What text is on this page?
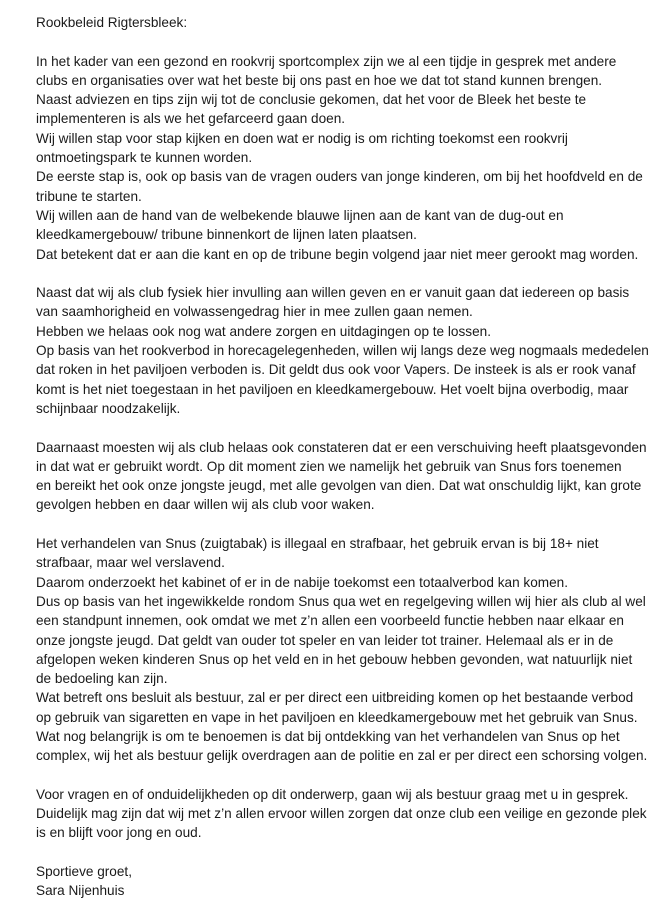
Rookbeleid Rigtersbleek:
In het kader van een gezond en rookvrij sportcomplex zijn we al een tijdje in gesprek met andere
clubs en organisaties over wat het beste bij ons past en hoe we dat tot stand kunnen brengen.
Naast adviezen en tips zijn wij tot de conclusie gekomen, dat het voor de Bleek het beste te
implementeren is als we het gefarceerd gaan doen.
Wij willen stap voor stap kijken en doen wat er nodig is om richting toekomst een rookvrij
ontmoetingspark te kunnen worden.
De eerste stap is, ook op basis van de vragen ouders van jonge kinderen, om bij het hoofdveld en de
tribune te starten.
Wij willen aan de hand van de welbekende blauwe lijnen aan de kant van de dug-out en
kleedkamergebouw/ tribune binnenkort de lijnen laten plaatsen.
Dat betekent dat er aan die kant en op de tribune begin volgend jaar niet meer gerookt mag worden.
Naast dat wij als club fysiek hier invulling aan willen geven en er vanuit gaan dat iedereen op basis
van saamhorigheid en volwassengedrag hier in mee zullen gaan nemen.
Hebben we helaas ook nog wat andere zorgen en uitdagingen op te lossen.
Op basis van het rookverbod in horecagelegenheden, willen wij langs deze weg nogmaals mededelen
dat roken in het paviljoen verboden is. Dit geldt dus ook voor Vapers. De insteek is als er rook vanaf
komt is het niet toegestaan in het paviljoen en kleedkamergebouw. Het voelt bijna overbodig, maar
schijnbaar noodzakelijk.
Daarnaast moesten wij als club helaas ook constateren dat er een verschuiving heeft plaatsgevonden
in dat wat er gebruikt wordt. Op dit moment zien we namelijk het gebruik van Snus fors toenemen
en bereikt het ook onze jongste jeugd, met alle gevolgen van dien. Dat wat onschuldig lijkt, kan grote
gevolgen hebben en daar willen wij als club voor waken.
Het verhandelen van Snus (zuigtabak) is illegaal en strafbaar, het gebruik ervan is bij 18+ niet
strafbaar, maar wel verslavend.
Daarom onderzoekt het kabinet of er in de nabije toekomst een totaalverbod kan komen.
Dus op basis van het ingewikkelde rondom Snus qua wet en regelgeving willen wij hier als club al wel
een standpunt innemen, ook omdat we met z’n allen een voorbeeld functie hebben naar elkaar en
onze jongste jeugd. Dat geldt van ouder tot speler en van leider tot trainer. Helemaal als er in de
afgelopen weken kinderen Snus op het veld en in het gebouw hebben gevonden, wat natuurlijk niet
de bedoeling kan zijn.
Wat betreft ons besluit als bestuur, zal er per direct een uitbreiding komen op het bestaande verbod
op gebruik van sigaretten en vape in het paviljoen en kleedkamergebouw met het gebruik van Snus.
Wat nog belangrijk is om te benoemen is dat bij ontdekking van het verhandelen van Snus op het
complex, wij het als bestuur gelijk overdragen aan de politie en zal er per direct een schorsing volgen.
Voor vragen en of onduidelijkheden op dit onderwerp, gaan wij als bestuur graag met u in gesprek.
Duidelijk mag zijn dat wij met z’n allen ervoor willen zorgen dat onze club een veilige en gezonde plek
is en blijft voor jong en oud.
Sportieve groet,
Sara Nijenhuis
